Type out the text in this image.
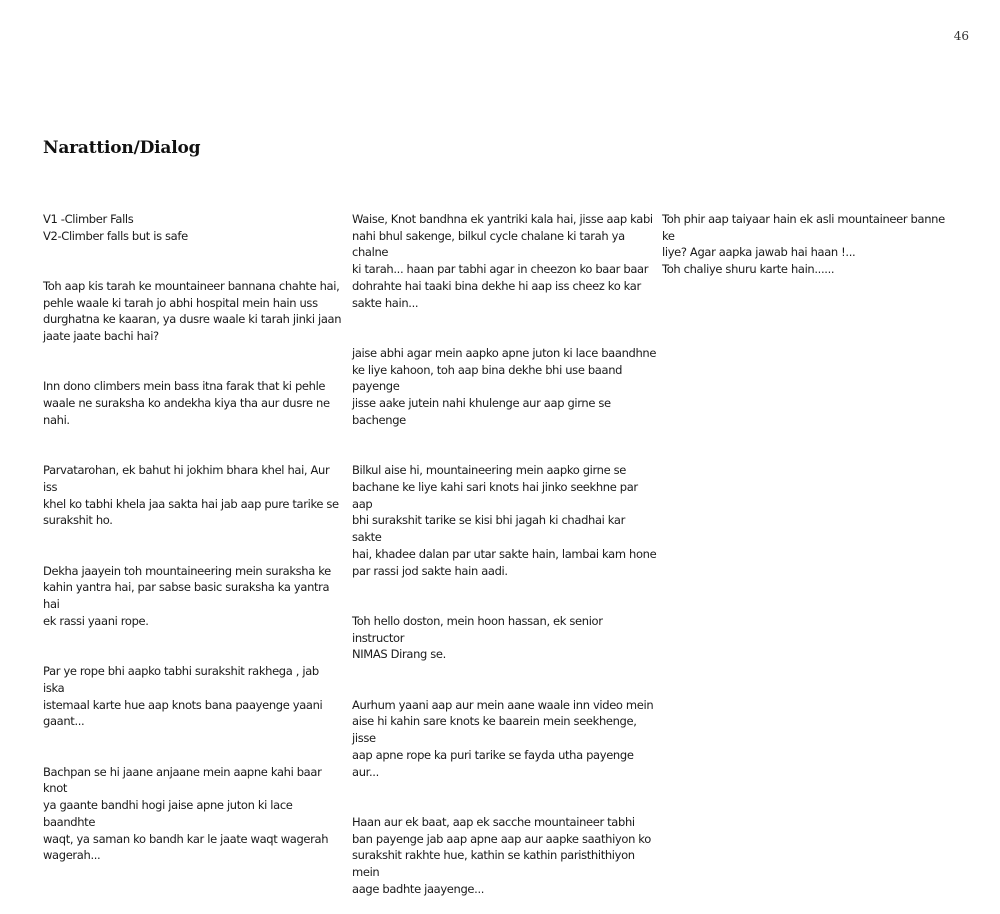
46
Narattion/Dialog

V1 -Climber Falls
V2-Climber falls but is safe

Toh aap kis tarah ke mountaineer bannana chahte hai,
pehle waale ki tarah jo abhi hospital mein hain uss
durghatna ke kaaran, ya dusre waale ki tarah jinki jaan
jaate jaate bachi hai?

Inn dono climbers mein bass itna farak that ki pehle
waale ne suraksha ko andekha kiya tha aur dusre ne nahi.

Parvatarohan, ek bahut hi jokhim bhara khel hai, Aur iss
khel ko tabhi khela jaa sakta hai jab aap pure tarike se
surakshit ho.

Dekha jaayein toh mountaineering mein suraksha ke
kahin yantra hai, par sabse basic suraksha ka yantra hai
ek rassi yaani rope.

Par ye rope bhi aapko tabhi surakshit rakhega , jab iska
istemaal karte hue aap knots bana paayenge yaani
gaant...

Bachpan se hi jaane anjaane mein aapne kahi baar knot
ya gaante bandhi hogi jaise apne juton ki lace baandhte
waqt, ya saman ko bandh kar le jaate waqt wagerah
wagerah...

Waise, Knot bandhna ek yantriki kala hai, jisse aap kabi
nahi bhul sakenge, bilkul cycle chalane ki tarah ya chalne
ki tarah... haan par tabhi agar in cheezon ko baar baar
dohrahte hai taaki bina dekhe hi aap iss cheez ko kar
sakte hain...

jaise abhi agar mein aapko apne juton ki lace baandhne
ke liye kahoon, toh aap bina dekhe bhi use baand payenge
jisse aake jutein nahi khulenge aur aap girne se bachenge

Bilkul aise hi, mountaineering mein aapko girne se
bachane ke liye kahi sari knots hai jinko seekhne par aap
bhi surakshit tarike se kisi bhi jagah ki chadhai kar sakte
hai, khadee dalan par utar sakte hain, lambai kam hone
par rassi jod sakte hain aadi.

Toh hello doston, mein hoon hassan, ek senior instructor
NIMAS Dirang se.

Aurhum yaani aap aur mein aane waale inn video mein
aise hi kahin sare knots ke baarein mein seekhenge, jisse
aap apne rope ka puri tarike se fayda utha payenge aur...

Haan aur ek baat, aap ek sacche mountaineer tabhi
ban payenge jab aap apne aap aur aapke saathiyon ko
surakshit rakhte hue, kathin se kathin paristhithiyon mein
aage badhte jaayenge...

Toh phir aap taiyaar hain ek asli mountaineer banne ke
liye? Agar aapka jawab hai haan !...
Toh chaliye shuru karte hain......
